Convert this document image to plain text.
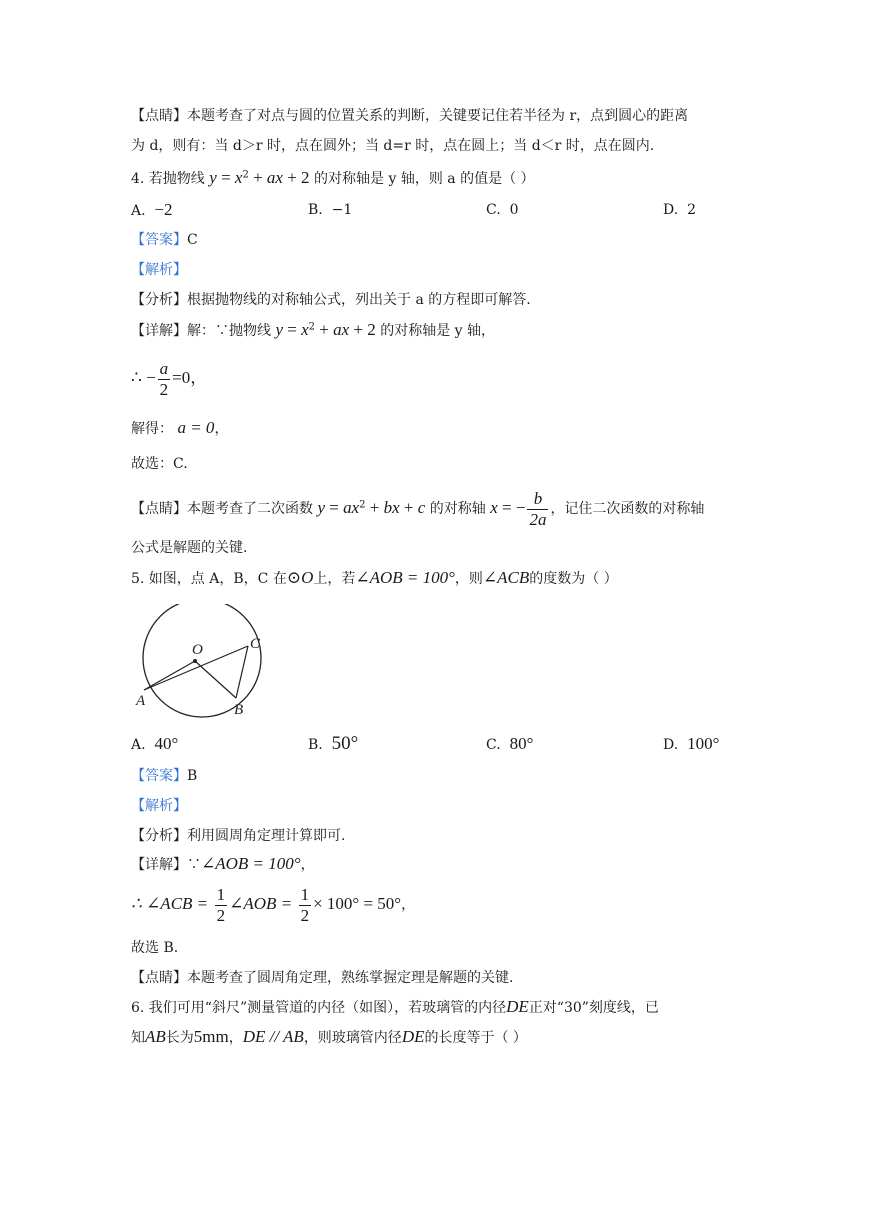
【点睛】本题考查了对点与圆的位置关系的判断，关键要记住若半径为 r，点到圆心的距离
为 d，则有：当 d＞r 时，点在圆外；当 d=r 时，点在圆上；当 d＜r 时，点在圆内.
4. 若抛物线 $y = x^2$ + ax + 2 的对称轴是 y 轴，则 a 的值是（ ）
A. −2	B. −1	C. 0	D. 2
【答案】C
【解析】
【分析】根据抛物线的对称轴公式，列出关于 a 的方程即可解答.
【详解】解：∵抛物线 $y = x^2$ + ax + 2 的对称轴是 y 轴，
∴ − $\frac{a}{2} =0$，
解得： a = 0，
故选：C.
【点睛】本题考查了二次函数 $y = ax^2$ + bx + c 的对称轴 x = − $\frac{b}{2a}$ ，记住二次函数的对称轴
公式是解题的关键.
5. 如图，点 A，B，C 在⊙O上，若∠AOB = 100°，则∠ACB的度数为（ ）
O
A
B
C
A. 40°	B. 50°	C. 80°	D. 100°
【答案】B
【解析】
【分析】利用圆周角定理计算即可.
【详解】∵∠AOB = 100°，
∴ ∠ACB = $\frac{1}{2}$ ∠AOB = $\frac{1}{2} \times 100^\circ = 50^\circ$，
故选 B.
【点睛】本题考查了圆周角定理，熟练掌握定理是解题的关键.
6. 我们可用“斜尺”测量管道的内径（如图），若玻璃管的内径DE正对“30”刻度线，已
知AB长为5mm，DE // AB，则玻璃管内径DE的长度等于（ ）
